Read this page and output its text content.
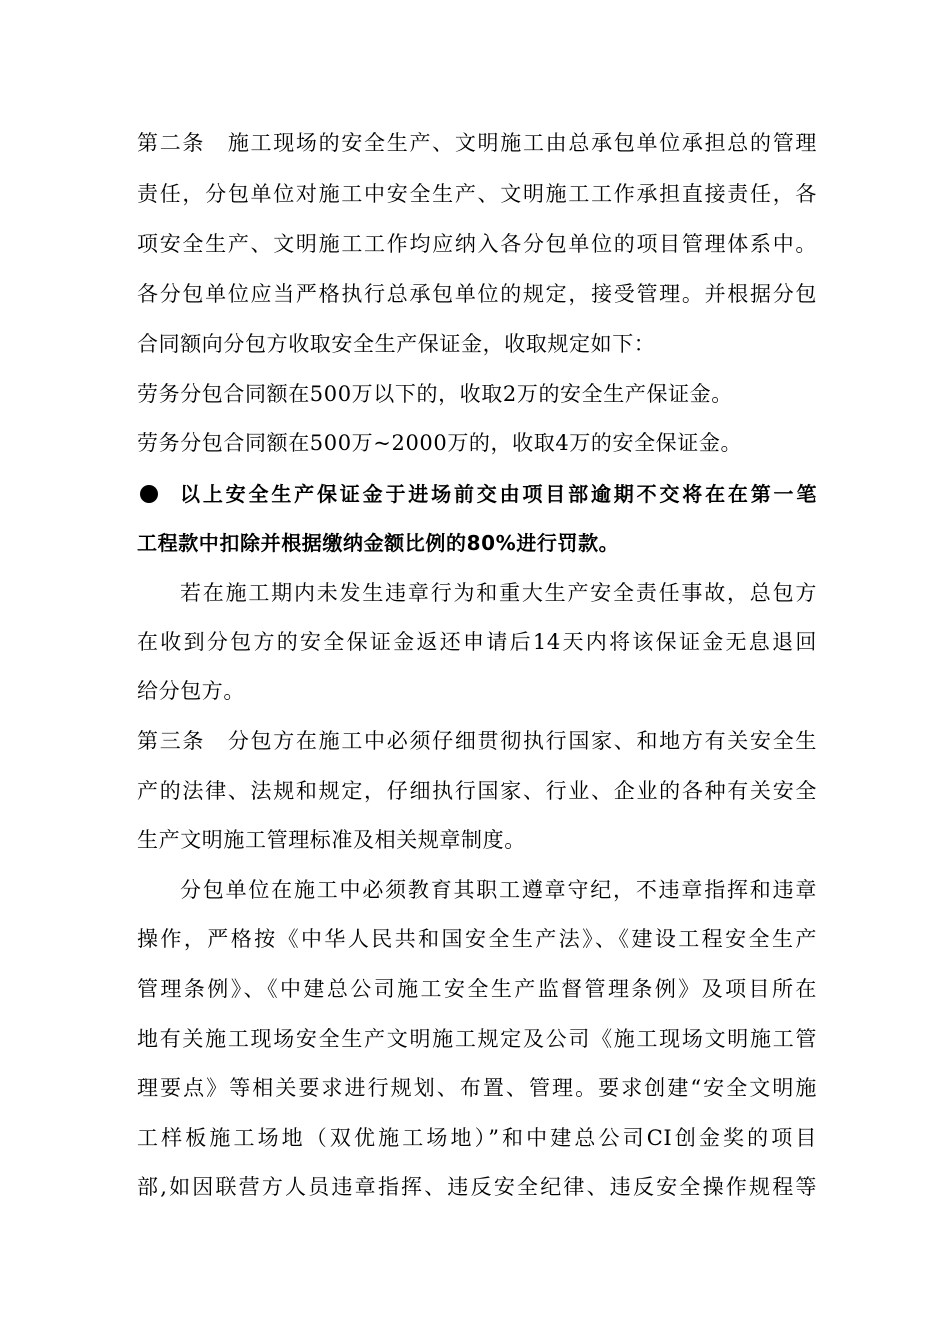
第二条　施工现场的安全生产、文明施工由总承包单位承担总的管理
责任，分包单位对施工中安全生产、文明施工工作承担直接责任，各
项安全生产、文明施工工作均应纳入各分包单位的项目管理体系中。
各分包单位应当严格执行总承包单位的规定，接受管理。并根据分包
合同额向分包方收取安全生产保证金，收取规定如下：
劳务分包合同额在500万以下的，收取2万的安全生产保证金。
劳务分包合同额在500万~2000万的，收取4万的安全保证金。
以上安全生产保证金于进场前交由项目部逾期不交将在在第一笔
工程款中扣除并根据缴纳金额比例的80%进行罚款。
若在施工期内未发生违章行为和重大生产安全责任事故，总包方
在收到分包方的安全保证金返还申请后14天内将该保证金无息退回
给分包方。
第三条　分包方在施工中必须仔细贯彻执行国家、和地方有关安全生
产的法律、法规和规定，仔细执行国家、行业、企业的各种有关安全
生产文明施工管理标准及相关规章制度。
分包单位在施工中必须教育其职工遵章守纪，不违章指挥和违章
操作，严格按《中华人民共和国安全生产法》、《建设工程安全生产
管理条例》、《中建总公司施工安全生产监督管理条例》及项目所在
地有关施工现场安全生产文明施工规定及公司《施工现场文明施工管
理要点》等相关要求进行规划、布置、管理。要求创建“安全文明施
工样板施工场地（双优施工场地）”和中建总公司CI创金奖的项目
部,如因联营方人员违章指挥、违反安全纪律、违反安全操作规程等
